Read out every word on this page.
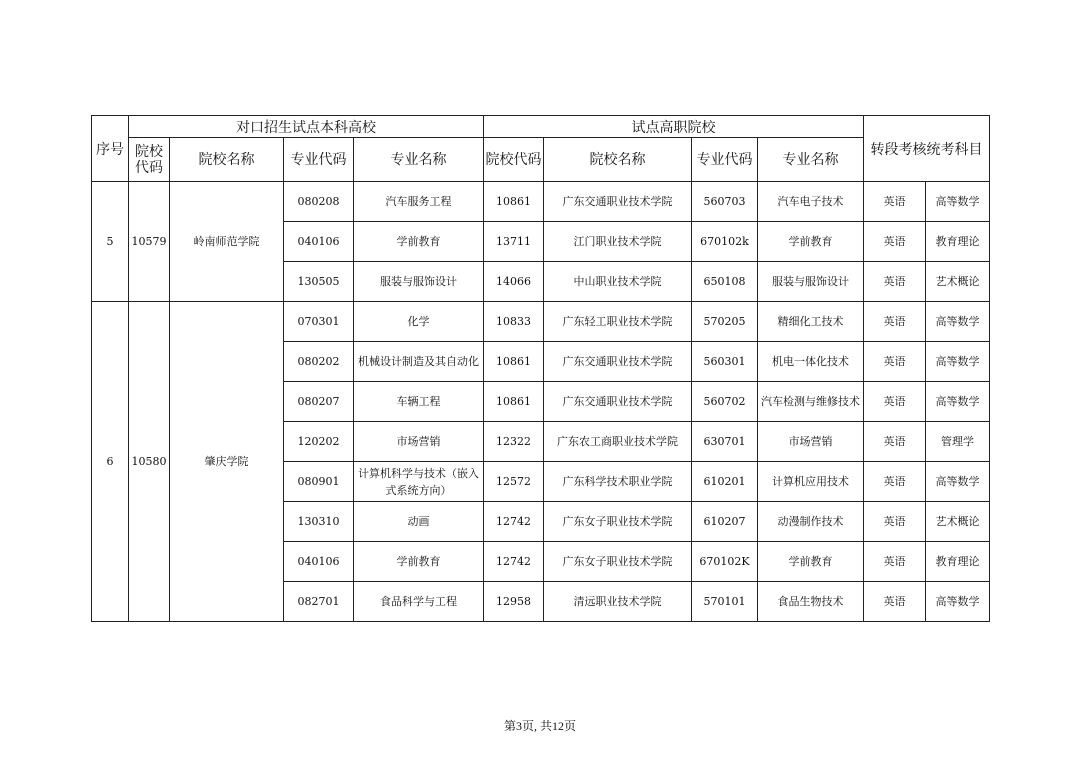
序号	对口招生试点本科高校				试点高职院校				转段考核统考科目	
	院校代码	院校名称	专业代码	专业名称	院校代码	院校名称	专业代码	专业名称		
5	10579	岭南师范学院	080208	汽车服务工程	10861	广东交通职业技术学院	560703	汽车电子技术	英语	高等数学
			040106	学前教育	13711	江门职业技术学院	670102k	学前教育	英语	教育理论
			130505	服装与服饰设计	14066	中山职业技术学院	650108	服装与服饰设计	英语	艺术概论
6	10580	肇庆学院	070301	化学	10833	广东轻工职业技术学院	570205	精细化工技术	英语	高等数学
			080202	机械设计制造及其自动化	10861	广东交通职业技术学院	560301	机电一体化技术	英语	高等数学
			080207	车辆工程	10861	广东交通职业技术学院	560702	汽车检测与维修技术	英语	高等数学
			120202	市场营销	12322	广东农工商职业技术学院	630701	市场营销	英语	管理学
			080901	计算机科学与技术（嵌入式系统方向）	12572	广东科学技术职业学院	610201	计算机应用技术	英语	高等数学
			130310	动画	12742	广东女子职业技术学院	610207	动漫制作技术	英语	艺术概论
			040106	学前教育	12742	广东女子职业技术学院	670102K	学前教育	英语	教育理论
			082701	食品科学与工程	12958	清远职业技术学院	570101	食品生物技术	英语	高等数学
第3页, 共12页
